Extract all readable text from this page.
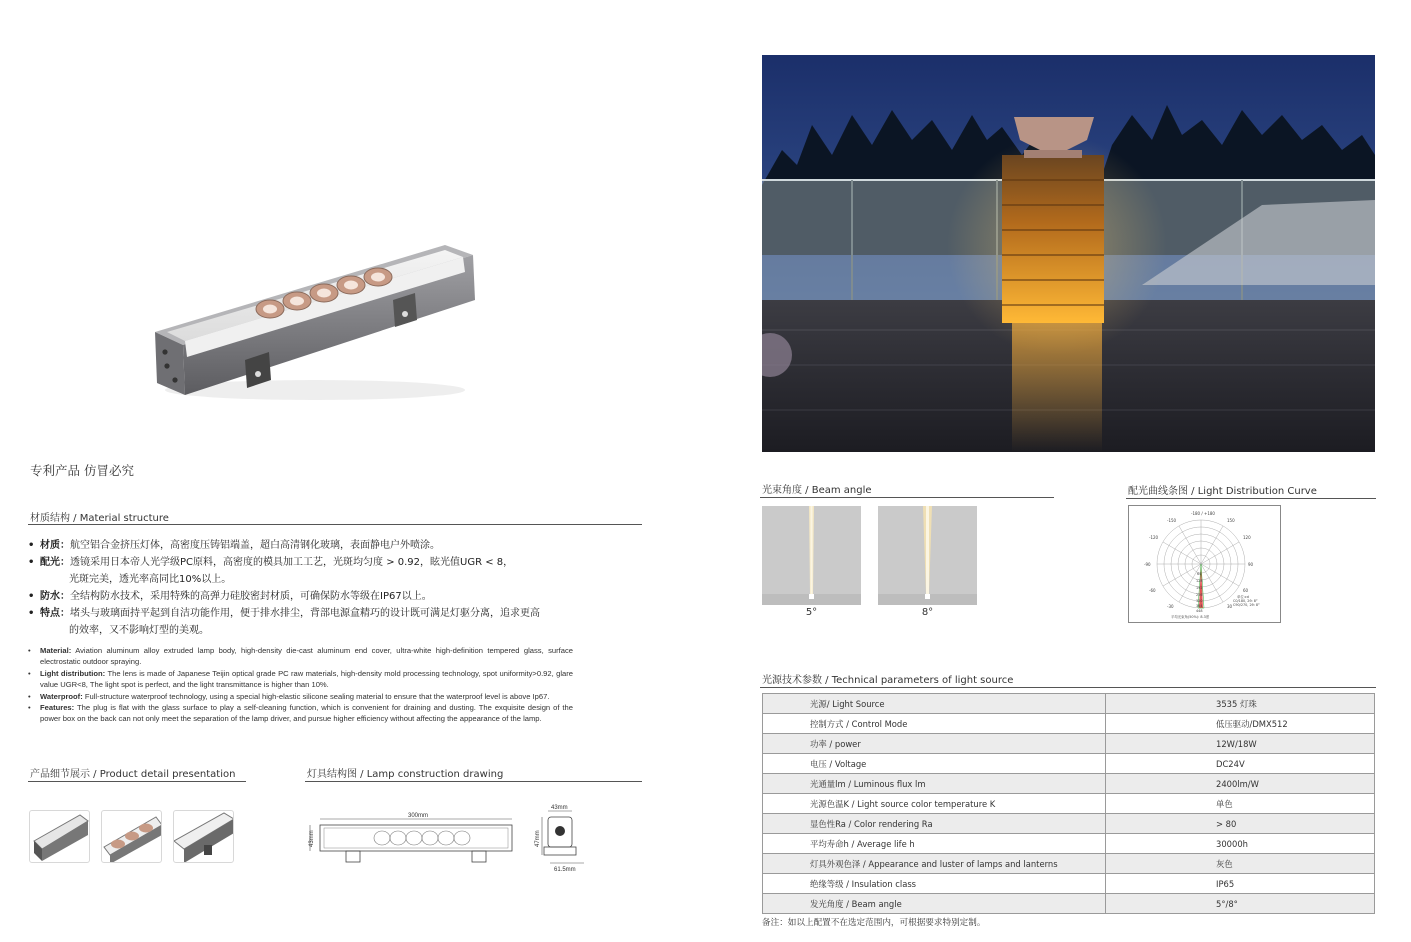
专利产品 仿冒必究
材质结构 / Material structure
• 材质：航空铝合金挤压灯体，高密度压铸铝端盖，超白高清钢化玻璃，表面静电户外喷涂。
• 配光：透镜采用日本帝人光学级PC原料，高密度的模具加工工艺，光斑均匀度 > 0.92，眩光值UGR < 8，
光斑完美，透光率高同比10%以上。
• 防水：全结构防水技术，采用特殊的高弹力硅胶密封材质，可确保防水等级在IP67以上。
• 特点：堵头与玻璃面持平起到自洁功能作用，便于排水排尘，背部电源盒精巧的设计既可满足灯驱分离，追求更高
的效率，又不影响灯型的美观。
• Material: Aviation aluminum alloy extruded lamp body, high-density die-cast aluminum end cover, ultra-white high-definition tempered glass, surface electrostatic outdoor spraying.
• Light distribution: The lens is made of Japanese Teijin optical grade PC raw materials, high-density mold processing technology, spot uniformity>0.92, glare value UGR<8, The light spot is perfect, and the light transmittance is higher than 10%.
• Waterproof: Full-structure waterproof technology, using a special high-elastic silicone sealing material to ensure that the waterproof level is above Ip67.
• Features: The plug is flat with the glass surface to play a self-cleaning function, which is convenient for draining and dusting. The exquisite design of the power box on the back can not only meet the separation of the lamp driver, and pursue higher efficiency without affecting the appearance of the lamp.
产品细节展示 / Product detail presentation	灯具结构图 / Lamp construction drawing
300mm
43mm
43mm
47mm
61.5mm
光束角度 / Beam angle
5°	8°
配光曲线条图 / Light Distribution Curve
-180 / +180
-150	150
-120	120
-90	90
-60	60
-30	30
64
128
192
256
320
384
448
单位:cd
C0/180, 2θ: 8°
C90/270, 2θ: 8°
平均光束角(50%): 8.3度
光源技术参数 / Technical parameters of light source
光源/ Light Source	3535 灯珠
控制方式 / Control Mode	低压驱动/DMX512
功率 / power	12W/18W
电压 / Voltage	DC24V
光通量lm / Luminous flux lm	2400lm/W
光源色温K / Light source color temperature K	单色
显色性Ra / Color rendering Ra	> 80
平均寿命h / Average life h	30000h
灯具外观色泽 / Appearance and luster of lamps and lanterns	灰色
绝缘等级 / Insulation class	IP65
发光角度 / Beam angle	5°/8°
备注：如以上配置不在选定范围内，可根据要求特别定制。
